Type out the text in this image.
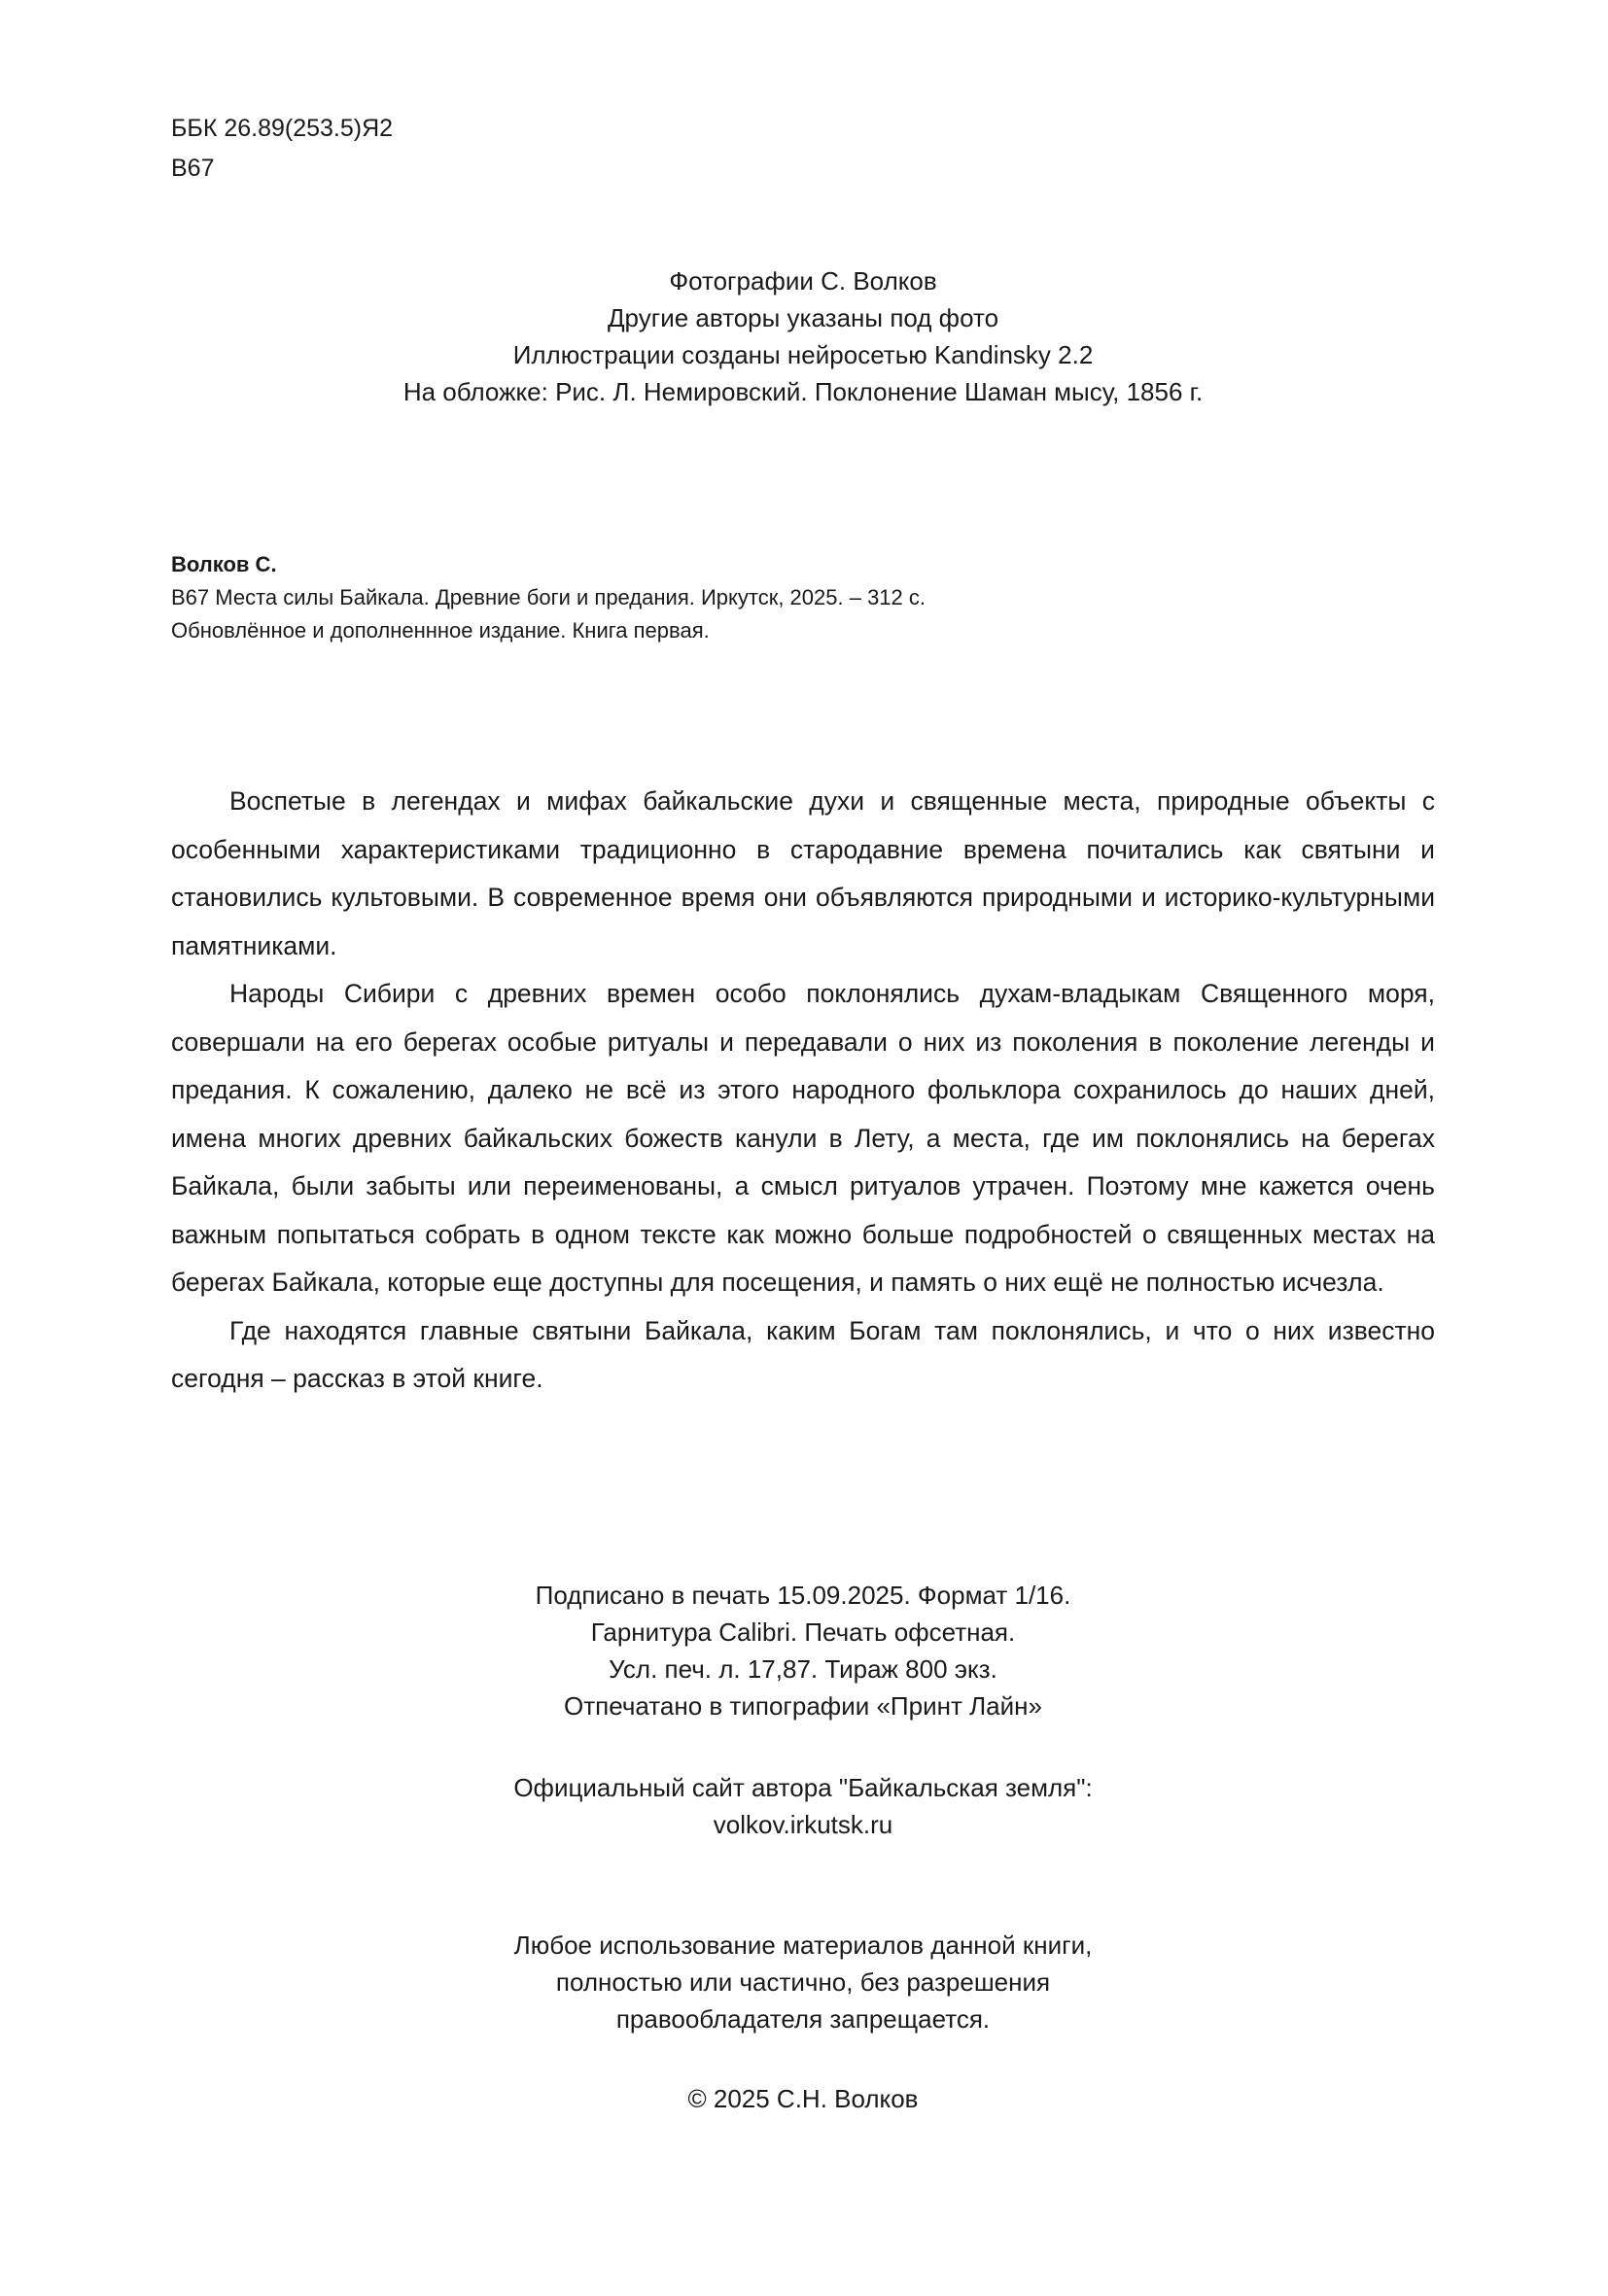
ББК 26.89(253.5)Я2
В67
Фотографии С. Волков
Другие авторы указаны под фото
Иллюстрации созданы нейросетью Kandinsky 2.2
На обложке: Рис. Л. Немировский. Поклонение Шаман мысу, 1856 г.
Волков С.
В67 Места силы Байкала. Древние боги и предания. Иркутск, 2025. – 312 с.
Обновлённое и дополненнное издание. Книга первая.

Воспетые в легендах и мифах байкальские духи и священные места, природные объекты с особенными характеристиками традиционно в стародавние времена почитались как святыни и становились культовыми. В современное время они объявляются природными и историко-культурными памятниками.

Народы Сибири с древних времен особо поклонялись духам-владыкам Священного моря, совершали на его берегах особые ритуалы и передавали о них из поколения в поколение легенды и предания. К сожалению, далеко не всё из этого народного фольклора сохранилось до наших дней, имена многих древних байкальских божеств канули в Лету, а места, где им поклонялись на берегах Байкала, были забыты или переименованы, а смысл ритуалов утрачен. Поэтому мне кажется очень важным попытаться собрать в одном тексте как можно больше подробностей о священных местах на берегах Байкала, которые еще доступны для посещения, и память о них ещё не полностью исчезла.

Где находятся главные святыни Байкала, каким Богам там поклонялись, и что о них известно сегодня – рассказ в этой книге.

Подписано в печать 15.09.2025. Формат 1/16.
Гарнитура Calibri. Печать офсетная.
Усл. печ. л. 17,87. Тираж 800 экз.
Отпечатано в типографии «Принт Лайн»
Официальный сайт автора "Байкальская земля":
volkov.irkutsk.ru
Любое использование материалов данной книги,
полностью или частично, без разрешения
правообладателя запрещается.
© 2025 С.Н. Волков
